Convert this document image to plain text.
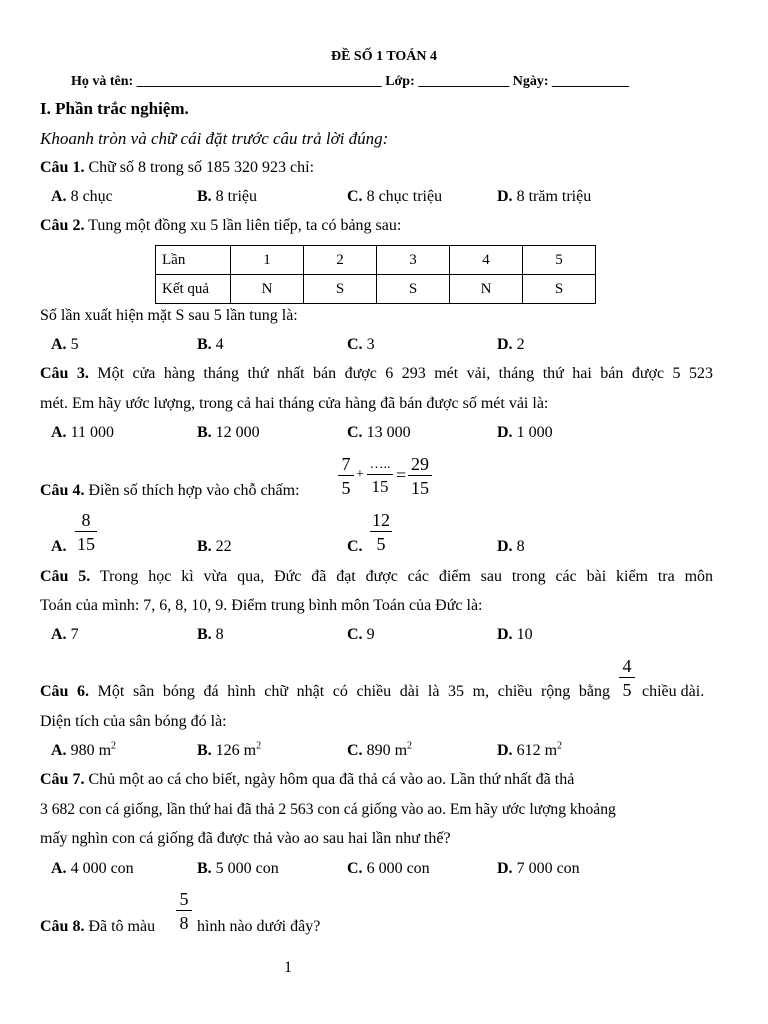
ĐỀ SỐ 1 TOÁN 4
Họ và tên: ___________________________________ Lớp: _____________ Ngày: ___________
I. Phần trắc nghiệm.
Khoanh tròn và chữ cái đặt trước câu trả lời đúng:
Câu 1. Chữ số 8 trong số 185 320 923 chỉ:
A. 8 chục	B. 8 triệu	C. 8 chục triệu	D. 8 trăm triệu
Câu 2. Tung một đồng xu 5 lần liên tiếp, ta có bảng sau:
Lần	1	2	3	4	5
Kết quả	N	S	S	N	S
Số lần xuất hiện mặt S sau 5 lần tung là:
A. 5	B. 4	C. 3	D. 2
Câu 3. Một cửa hàng tháng thứ nhất bán được 6 293 mét vải, tháng thứ hai bán được 5 523
mét. Em hãy ước lượng, trong cả hai tháng cửa hàng đã bán được số mét vải là:
A. 11 000	B. 12 000	C. 13 000	D. 1 000
Câu 4. Điền số thích hợp vào chỗ chấm:
7
5
+
…..
15
=
29
15
A.
8
15	B. 22	C.
12
5	D. 8
Câu 5. Trong học kì vừa qua, Đức đã đạt được các điểm sau trong các bài kiểm tra môn
Toán của mình: 7, 6, 8, 10, 9. Điểm trung bình môn Toán của Đức là:
A. 7	B. 8	C. 9	D. 10
Câu 6. Một sân bóng đá hình chữ nhật có chiều dài là 35 m, chiều rộng bằng
4
5 chiều dài.
Diện tích của sân bóng đó là:
A. 980 $m^2$	B. 126 $m^2$	C. 890 $m^2$	D. 612 $m^2$
Câu 7. Chủ một ao cá cho biết, ngày hôm qua đã thả cá vào ao. Lần thứ nhất đã thả
3 682 con cá giống, lần thứ hai đã thả 2 563 con cá giống vào ao. Em hãy ước lượng khoảng
mấy nghìn con cá giống đã được thả vào ao sau hai lần như thế?
A. 4 000 con	B. 5 000 con	C. 6 000 con	D. 7 000 con
Câu 8. Đã tô màu
5
8 hình nào dưới đây?
1
